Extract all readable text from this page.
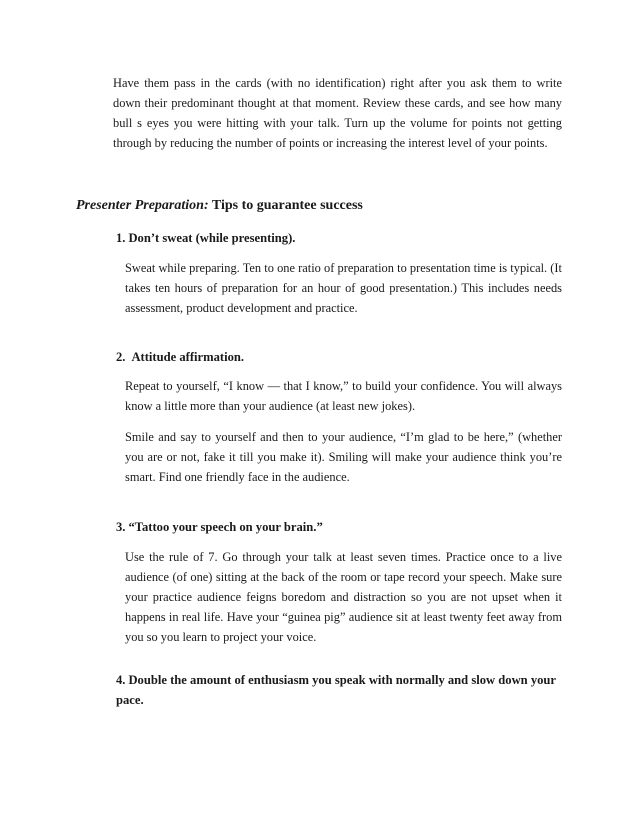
Have them pass in the cards (with no identification) right after you ask them to write down their predominant thought at that moment. Review these cards, and see how many bull s eyes you were hitting with your talk. Turn up the volume for points not getting through by reducing the number of points or increasing the interest level of your points.

Presenter Preparation: Tips to guarantee success
1. Don’t sweat (while presenting).

Sweat while preparing. Ten to one ratio of preparation to presentation time is typical. (It takes ten hours of preparation for an hour of good presentation.) This includes needs assessment, product development and practice.

2. Attitude affirmation.

Repeat to yourself, “I know — that I know,” to build your confidence. You will always know a little more than your audience (at least new jokes).

Smile and say to yourself and then to your audience, “I’m glad to be here,” (whether you are or not, fake it till you make it). Smiling will make your audience think you’re smart. Find one friendly face in the audience.

3. “Tattoo your speech on your brain.”

Use the rule of 7. Go through your talk at least seven times. Practice once to a live audience (of one) sitting at the back of the room or tape record your speech. Make sure your practice audience feigns boredom and distraction so you are not upset when it happens in real life. Have your “guinea pig” audience sit at least twenty feet away from you so you learn to project your voice.

4. Double the amount of enthusiasm you speak with normally and slow down your pace.
